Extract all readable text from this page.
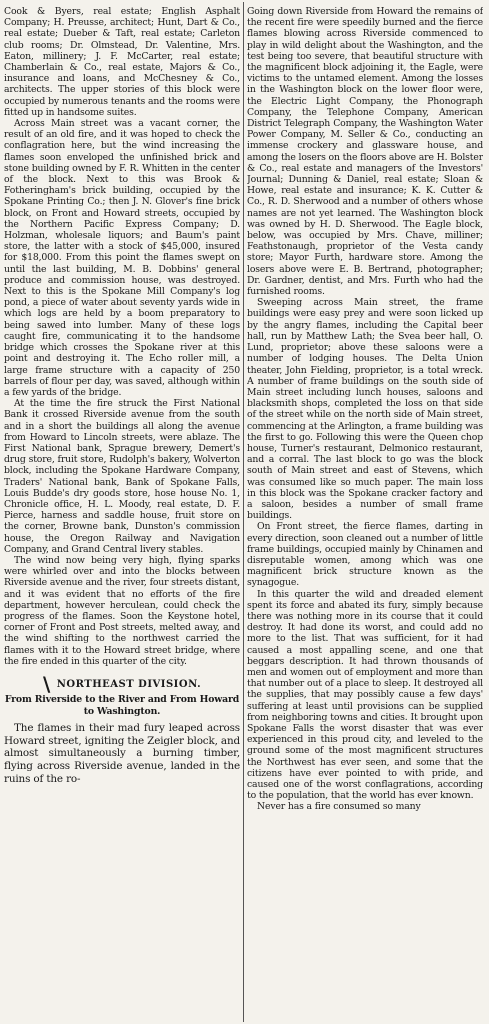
Cook & Byers, real estate; English Asphalt Company; H. Preusse, architect; Hunt, Dart & Co., real estate; Dueber & Taft, real estate; Carleton club rooms; Dr. Olmstead, Dr. Valentine, Mrs. Eaton, millinery; J. F. McCarter, real estate; Chamberlain & Co., real estate, Majors & Co., insurance and loans, and McChesney & Co., architects. The upper stories of this block were occupied by numerous tenants and the rooms were fitted up in handsome suites.

Across Main street was a vacant corner, the result of an old fire, and it was hoped to check the conflagration here, but the wind increasing the flames soon enveloped the unfinished brick and stone building owned by F. R. Whitten in the center of the block. Next to this was Brook & Fotheringham's brick building, occupied by the Spokane Printing Co.; then J. N. Glover's fine brick block, on Front and Howard streets, occupied by the Northern Pacific Express Company; D. Holzman, wholesale liquors; and Baum's paint store, the latter with a stock of $45,000, insured for $18,000. From this point the flames swept on until the last building, M. B. Dobbins' general produce and commission house, was destroyed. Next to this is the Spokane Mill Company's log pond, a piece of water about seventy yards wide in which logs are held by a boom preparatory to being sawed into lumber. Many of these logs caught fire, communicating it to the handsome bridge which crosses the Spokane river at this point and destroying it. The Echo roller mill, a large frame structure with a capacity of 250 barrels of flour per day, was saved, although within a few yards of the bridge.

At the time the fire struck the First National Bank it crossed Riverside avenue from the south and in a short the buildings all along the avenue from Howard to Lincoln streets, were ablaze. The First National bank, Sprague brewery, Demert's drug store, fruit store, Rudolph's bakery, Wolverton block, including the Spokane Hardware Company, Traders' National bank, Bank of Spokane Falls, Louis Budde's dry goods store, hose house No. 1, Chronicle office, H. L. Moody, real estate, D. F. Pierce, harness and saddle house, fruit store on the corner, Browne bank, Dunston's commission house, the Oregon Railway and Navigation Company, and Grand Central livery stables.

The wind now being very high, flying sparks were whirled over and into the blocks between Riverside avenue and the river, four streets distant, and it was evident that no efforts of the fire department, however herculean, could check the progress of the flames. Soon the Keystone hotel, corner of Front and Post streets, melted away, and the wind shifting to the northwest carried the flames with it to the Howard street bridge, where the fire ended in this quarter of the city.

\ NORTHEAST DIVISION.
From Riverside to the River and From Howard to Washington.

The flames in their mad fury leaped across Howard street, igniting the Zeigler block, and almost simultaneously a burning timber, flying across Riverside avenue, landed in the ruins of the ro-

Going down Riverside from Howard the remains of the recent fire were speedily burned and the fierce flames blowing across Riverside commenced to play in wild delight about the Washington, and the test being too severe, that beautiful structure with the magnificent block adjoining it, the Eagle, were victims to the untamed element. Among the losses in the Washington block on the lower floor were, the Electric Light Company, the Phonograph Company, the Telephone Company, American District Telegraph Company, the Washington Water Power Company, M. Seller & Co., conducting an immense crockery and glassware house, and among the losers on the floors above are H. Bolster & Co., real estate and managers of the Investors' Journal; Dunning & Daniel, real estate; Sloan & Howe, real estate and insurance; K. K. Cutter & Co., R. D. Sherwood and a number of others whose names are not yet learned. The Washington block was owned by H. D. Sherwood. The Eagle block, below, was occupied by Mrs. Chave, milliner; Feathstonaugh, proprietor of the Vesta candy store; Mayor Furth, hardware store. Among the losers above were E. B. Bertrand, photographer; Dr. Gardner, dentist, and Mrs. Furth who had the furnished rooms.

Sweeping across Main street, the frame buildings were easy prey and were soon licked up by the angry flames, including the Capital beer hall, run by Matthew Lath; the Svea beer hall, O. Lund, proprietor; above these saloons were a number of lodging houses. The Delta Union theater, John Fielding, proprietor, is a total wreck. A number of frame buildings on the south side of Main street including lunch houses, saloons and blacksmith shops, completed the loss on that side of the street while on the north side of Main street, commencing at the Arlington, a frame building was the first to go. Following this were the Queen chop house, Turner's restaurant, Delmonico restaurant, and a corral. The last block to go was the block south of Main street and east of Stevens, which was consumed like so much paper. The main loss in this block was the Spokane cracker factory and a saloon, besides a number of small frame buildings.

On Front street, the fierce flames, darting in every direction, soon cleaned out a number of little frame buildings, occupied mainly by Chinamen and disreputable women, among which was one magnificent brick structure known as the synagogue.

In this quarter the wild and dreaded element spent its force and abated its fury, simply because there was nothing more in its course that it could destroy. It had done its worst, and could add no more to the list. That was sufficient, for it had caused a most appalling scene, and one that beggars description. It had thrown thousands of men and women out of employment and more than that number out of a place to sleep. It destroyed all the supplies, that may possibly cause a few days' suffering at least until provisions can be supplied from neighboring towns and cities. It brought upon Spokane Falls the worst disaster that was ever experienced in this proud city, and leveled to the ground some of the most magnificent structures the Northwest has ever seen, and some that the citizens have ever pointed to with pride, and caused one of the worst conflagrations, according to the population, that the world has ever known.

Never has a fire consumed so many
